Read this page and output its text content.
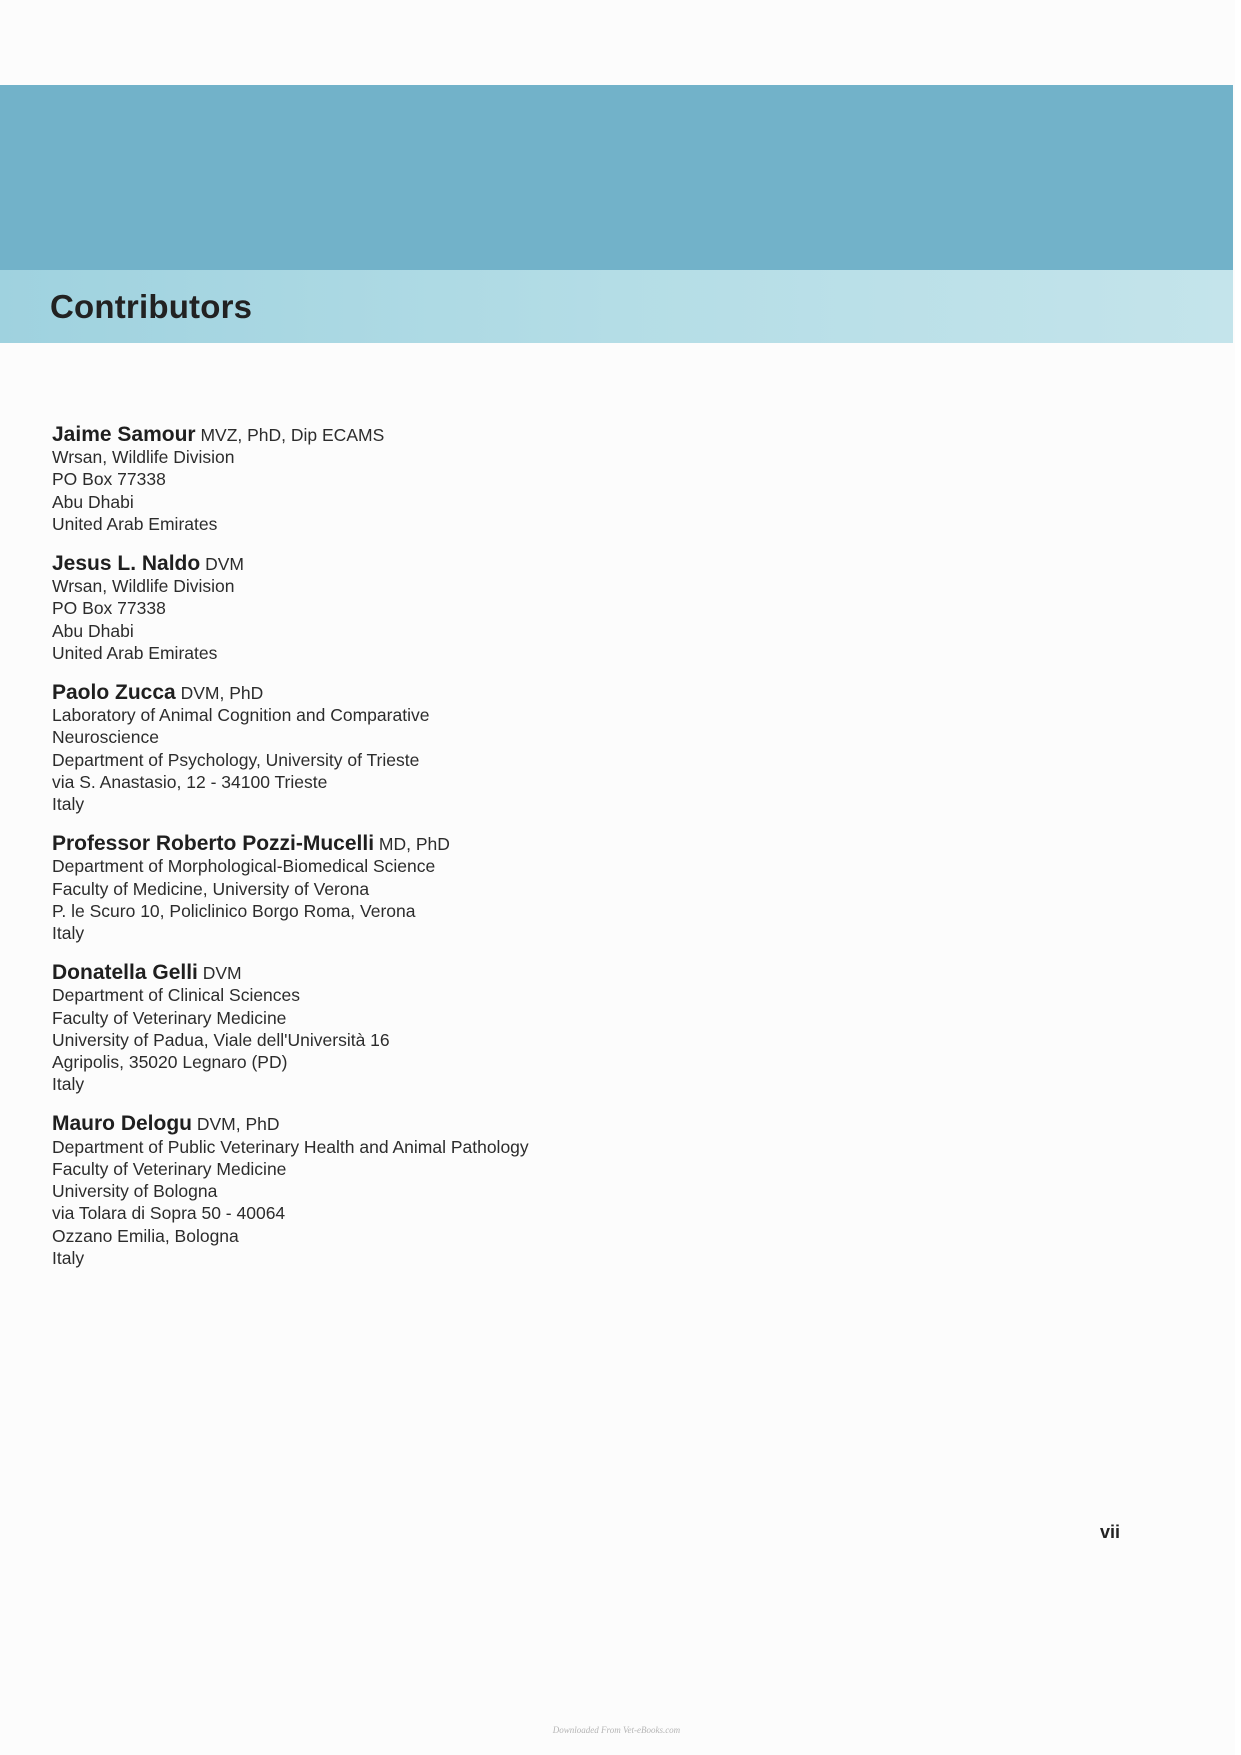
Contributors
Jaime Samour MVZ, PhD, Dip ECAMS
Wrsan, Wildlife Division
PO Box 77338
Abu Dhabi
United Arab Emirates
Jesus L. Naldo DVM
Wrsan, Wildlife Division
PO Box 77338
Abu Dhabi
United Arab Emirates
Paolo Zucca DVM, PhD
Laboratory of Animal Cognition and Comparative
Neuroscience
Department of Psychology, University of Trieste
via S. Anastasio, 12 - 34100 Trieste
Italy
Professor Roberto Pozzi-Mucelli MD, PhD
Department of Morphological-Biomedical Science
Faculty of Medicine, University of Verona
P. le Scuro 10, Policlinico Borgo Roma, Verona
Italy
Donatella Gelli DVM
Department of Clinical Sciences
Faculty of Veterinary Medicine
University of Padua, Viale dell'Università 16
Agripolis, 35020 Legnaro (PD)
Italy
Mauro Delogu DVM, PhD
Department of Public Veterinary Health and Animal Pathology
Faculty of Veterinary Medicine
University of Bologna
via Tolara di Sopra 50 - 40064
Ozzano Emilia, Bologna
Italy
vii
Downloaded From Vet-eBooks.com
